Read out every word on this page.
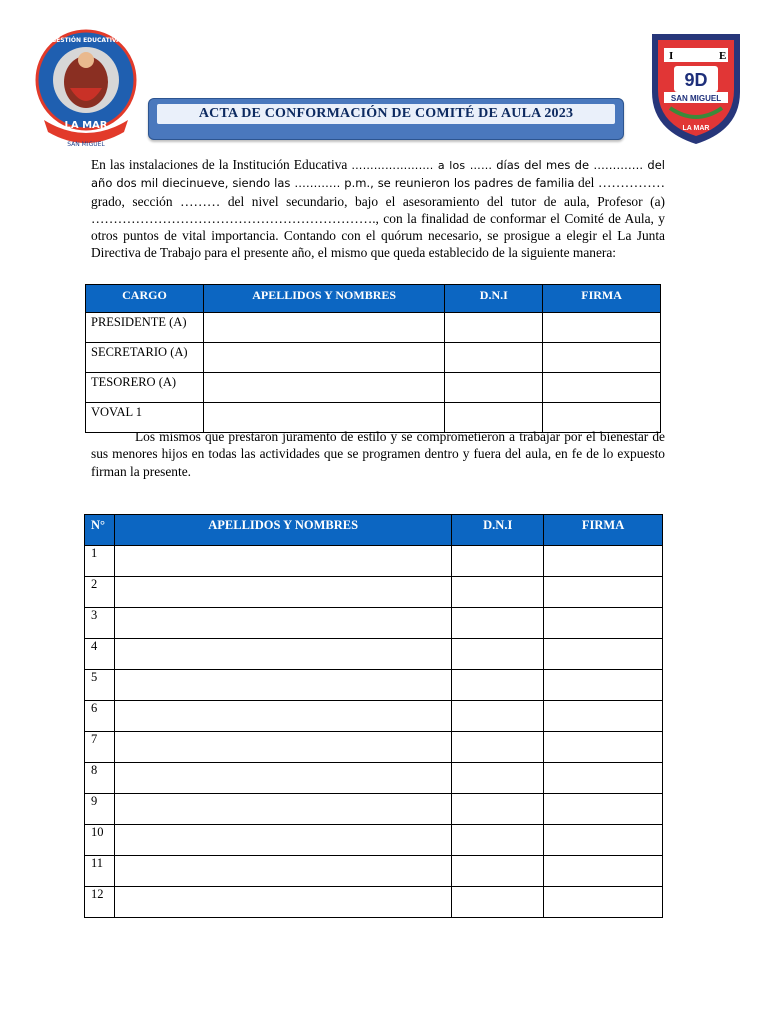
LA MAR
SAN MIGUEL
GESTIÓN EDUCATIVA
I	E
9D
SAN MIGUEL
LA MAR
ACTA DE CONFORMACIÓN DE COMITÉ DE AULA 2023
En las instalaciones de la Institución Educativa …………………. a los …… días del mes de …………. del año dos mil diecinueve, siendo las ………… p.m., se reunieron los padres de familia del …………… grado, sección ……… del nivel secundario, bajo el asesoramiento del tutor de aula, Profesor (a) ………………………………………………………., con la finalidad de conformar el Comité de Aula, y otros puntos de vital importancia. Contando con el quórum necesario, se prosigue a elegir el La Junta Directiva de Trabajo para el presente año, el mismo que queda establecido de la siguiente manera:
CARGO	APELLIDOS Y NOMBRES	D.N.I	FIRMA
PRESIDENTE (A)			
SECRETARIO (A)			
TESORERO (A)			
VOVAL 1			
Los mismos que prestaron juramento de estilo y se comprometieron a trabajar por el bienestar de sus menores hijos en todas las actividades que se programen dentro y fuera del aula, en fe de lo expuesto firman la presente.
N°	APELLIDOS Y NOMBRES	D.N.I	FIRMA
1			
2			
3			
4			
5			
6			
7			
8			
9			
10			
11			
12			
